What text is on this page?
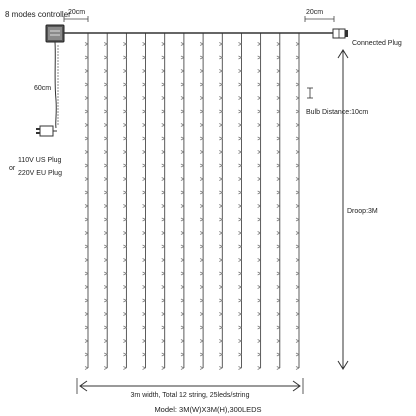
8 modes controller
Connected Plug
20cm	20cm
60cm
110V US Plug
220V EU Plug
or
Bulb Distance:10cm
Droop:3M
3m width, Total 12 string, 25leds/string
Model: 3M(W)X3M(H),300LEDS
